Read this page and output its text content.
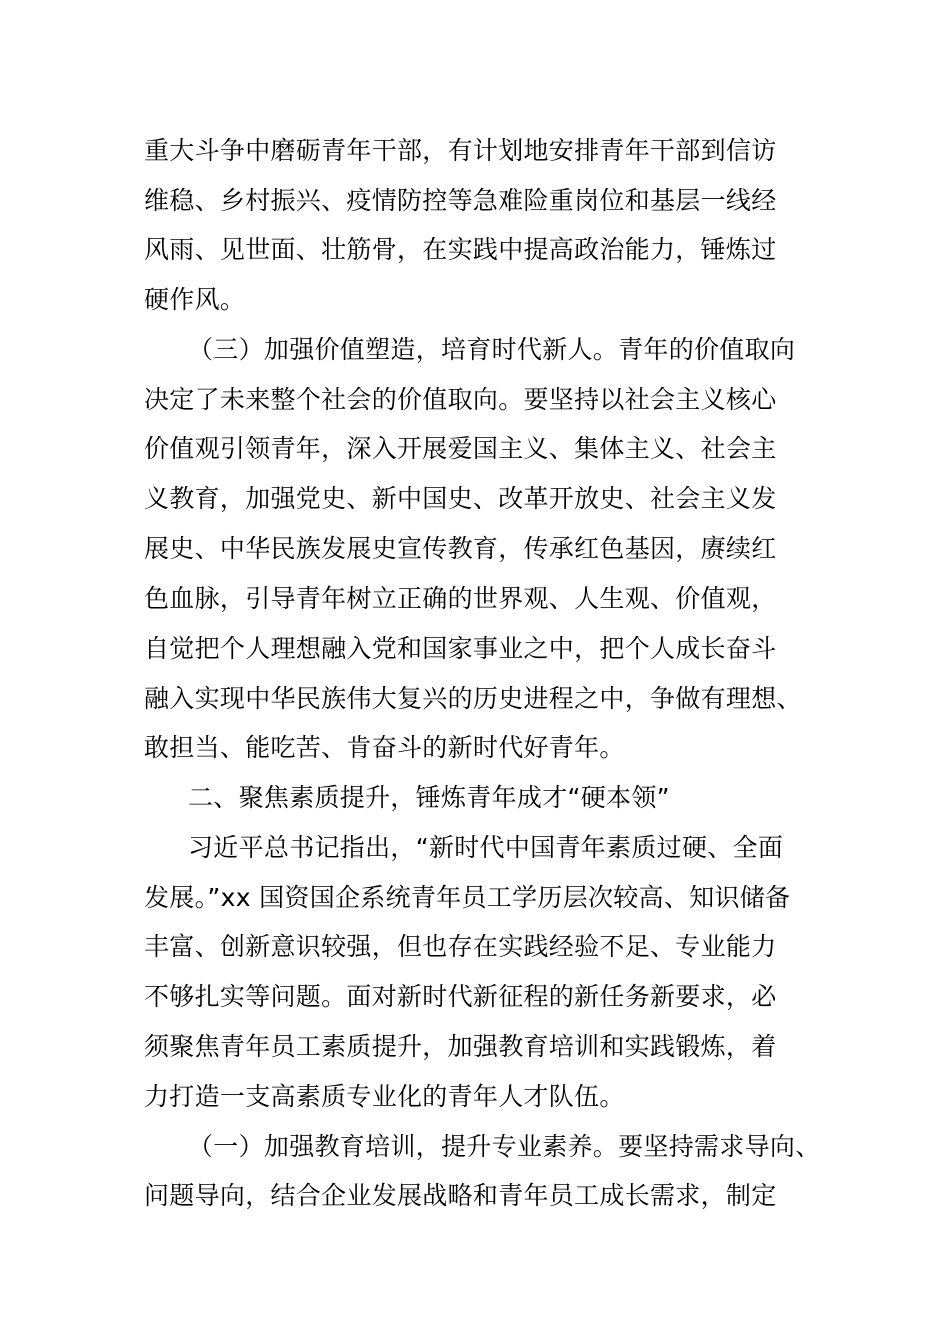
重大斗争中磨砺青年干部，有计划地安排青年干部到信访
维稳、乡村振兴、疫情防控等急难险重岗位和基层一线经
风雨、见世面、壮筋骨，在实践中提高政治能力，锤炼过
硬作风。
（三）加强价值塑造，培育时代新人。青年的价值取向
决定了未来整个社会的价值取向。要坚持以社会主义核心
价值观引领青年，深入开展爱国主义、集体主义、社会主
义教育，加强党史、新中国史、改革开放史、社会主义发
展史、中华民族发展史宣传教育，传承红色基因，赓续红
色血脉，引导青年树立正确的世界观、人生观、价值观，
自觉把个人理想融入党和国家事业之中，把个人成长奋斗
融入实现中华民族伟大复兴的历史进程之中，争做有理想、
敢担当、能吃苦、肯奋斗的新时代好青年。
二、聚焦素质提升，锤炼青年成才“硬本领”
习近平总书记指出，“新时代中国青年素质过硬、全面
发展。”xx 国资国企系统青年员工学历层次较高、知识储备
丰富、创新意识较强，但也存在实践经验不足、专业能力
不够扎实等问题。面对新时代新征程的新任务新要求，必
须聚焦青年员工素质提升，加强教育培训和实践锻炼，着
力打造一支高素质专业化的青年人才队伍。
（一）加强教育培训，提升专业素养。要坚持需求导向、
问题导向，结合企业发展战略和青年员工成长需求，制定
